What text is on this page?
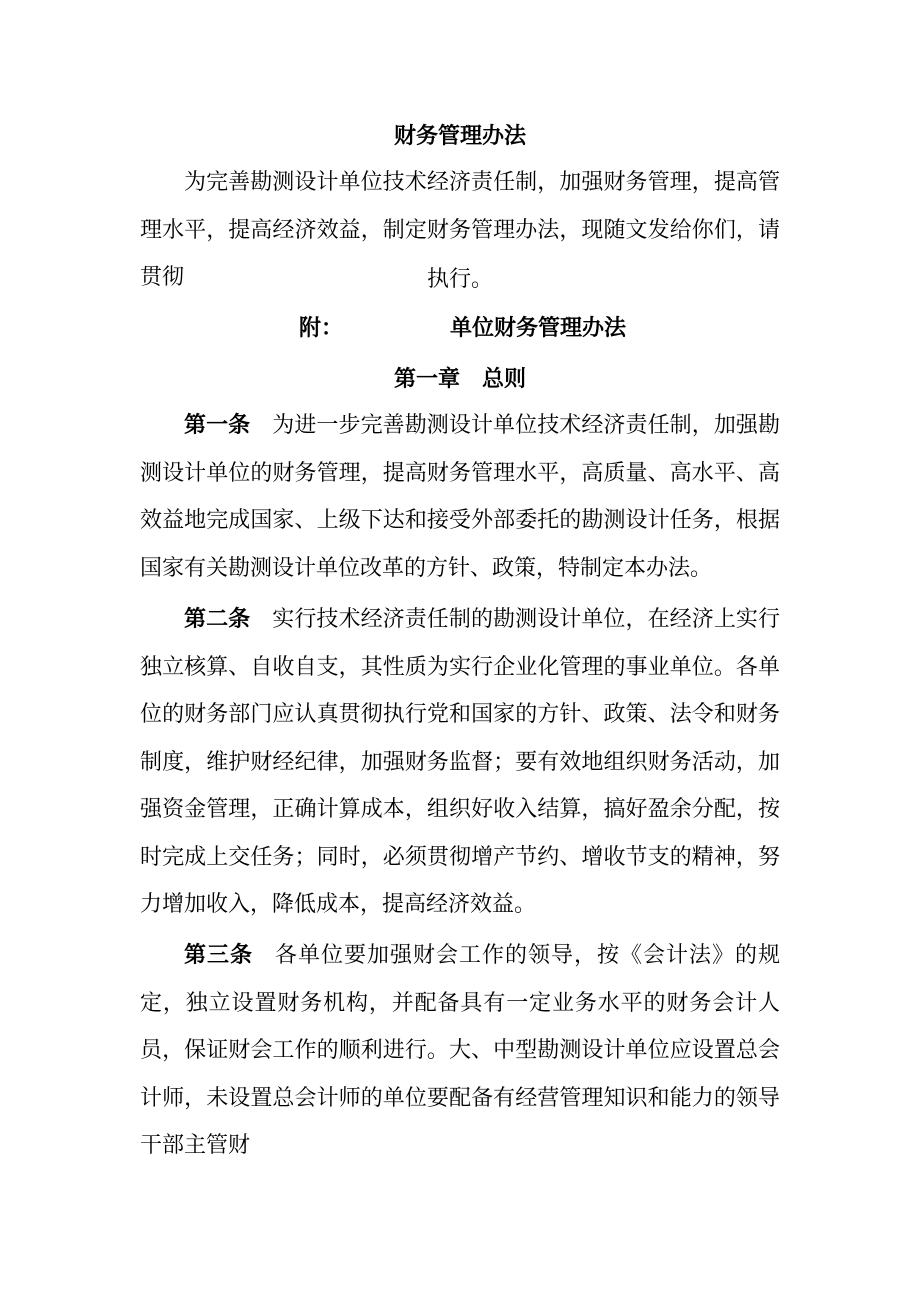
财务管理办法
为完善勘测设计单位技术经济责任制，加强财务管理，提高管理水平，提高经济效益，制定财务管理办法，现随文发给你们，请贯彻	执行。
附：	单位财务管理办法
第一章　总则
第一条 为进一步完善勘测设计单位技术经济责任制，加强勘测设计单位的财务管理，提高财务管理水平，高质量、高水平、高效益地完成国家、上级下达和接受外部委托的勘测设计任务，根据国家有关勘测设计单位改革的方针、政策，特制定本办法。
第二条 实行技术经济责任制的勘测设计单位，在经济上实行独立核算、自收自支，其性质为实行企业化管理的事业单位。各单位的财务部门应认真贯彻执行党和国家的方针、政策、法令和财务制度，维护财经纪律，加强财务监督；要有效地组织财务活动，加强资金管理，正确计算成本，组织好收入结算，搞好盈余分配，按时完成上交任务；同时，必须贯彻增产节约、增收节支的精神，努力增加收入，降低成本，提高经济效益。
第三条 各单位要加强财会工作的领导，按《会计法》的规定，独立设置财务机构，并配备具有一定业务水平的财务会计人员，保证财会工作的顺利进行。大、中型勘测设计单位应设置总会计师，未设置总会计师的单位要配备有经营管理知识和能力的领导干部主管财
